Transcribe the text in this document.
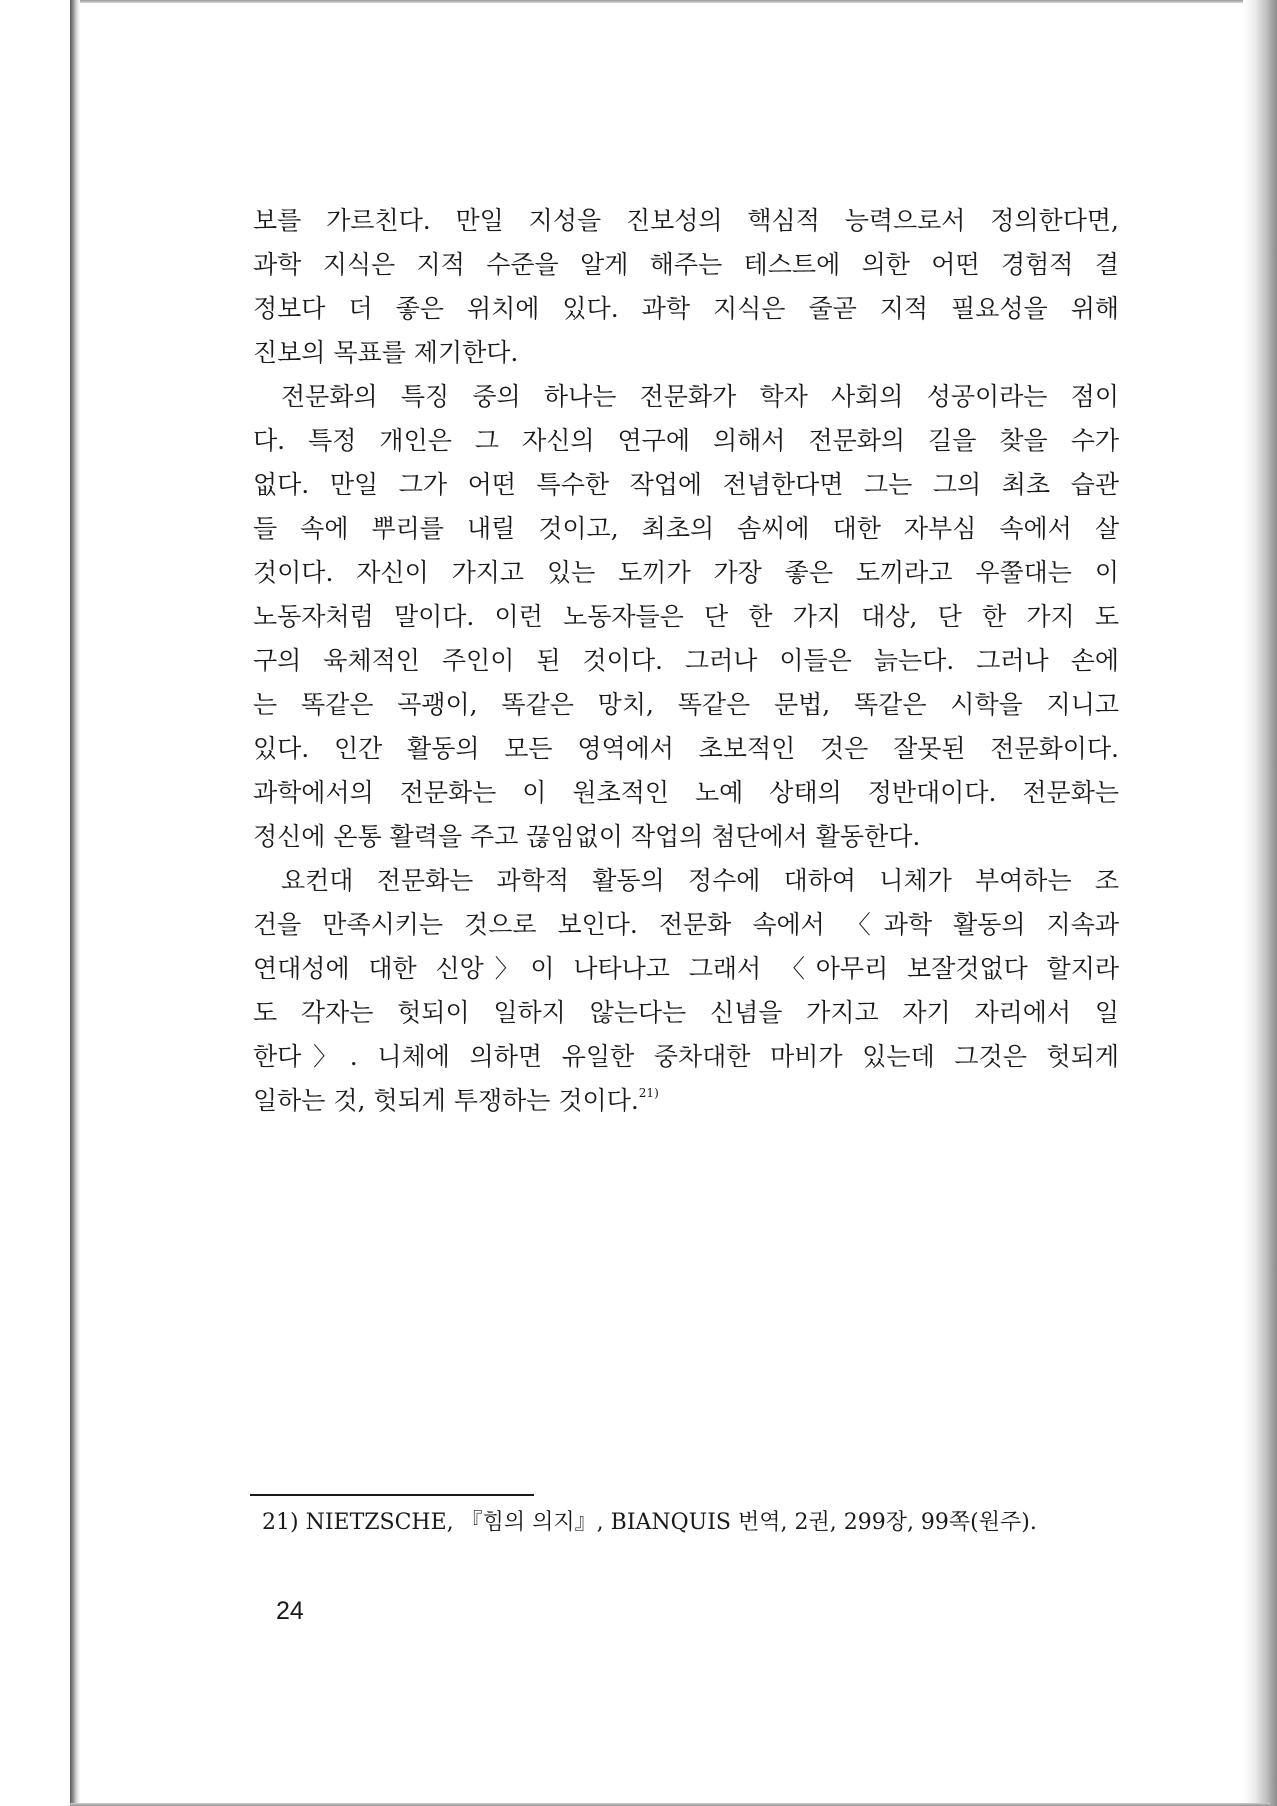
보를 가르친다. 만일 지성을 진보성의 핵심적 능력으로서 정의한다면,
과학 지식은 지적 수준을 알게 해주는 테스트에 의한 어떤 경험적 결
정보다 더 좋은 위치에 있다. 과학 지식은 줄곧 지적 필요성을 위해
진보의 목표를 제기한다.
전문화의 특징 중의 하나는 전문화가 학자 사회의 성공이라는 점이
다. 특정 개인은 그 자신의 연구에 의해서 전문화의 길을 찾을 수가
없다. 만일 그가 어떤 특수한 작업에 전념한다면 그는 그의 최초 습관
들 속에 뿌리를 내릴 것이고, 최초의 솜씨에 대한 자부심 속에서 살
것이다. 자신이 가지고 있는 도끼가 가장 좋은 도끼라고 우쭐대는 이
노동자처럼 말이다. 이런 노동자들은 단 한 가지 대상, 단 한 가지 도
구의 육체적인 주인이 된 것이다. 그러나 이들은 늙는다. 그러나 손에
는 똑같은 곡괭이, 똑같은 망치, 똑같은 문법, 똑같은 시학을 지니고
있다. 인간 활동의 모든 영역에서 초보적인 것은 잘못된 전문화이다.
과학에서의 전문화는 이 원초적인 노예 상태의 정반대이다. 전문화는
정신에 온통 활력을 주고 끊임없이 작업의 첨단에서 활동한다.
요컨대 전문화는 과학적 활동의 정수에 대하여 니체가 부여하는 조
건을 만족시키는 것으로 보인다. 전문화 속에서 〈과학 활동의 지속과
연대성에 대한 신앙〉이 나타나고 그래서 〈아무리 보잘것없다 할지라
도 각자는 헛되이 일하지 않는다는 신념을 가지고 자기 자리에서 일
한다〉. 니체에 의하면 유일한 중차대한 마비가 있는데 그것은 헛되게
일하는 것, 헛되게 투쟁하는 것이다.$^{21)}$
21) NIETZSCHE, 『힘의 의지』, BIANQUIS 번역, 2권, 299장, 99쪽(원주).
24
